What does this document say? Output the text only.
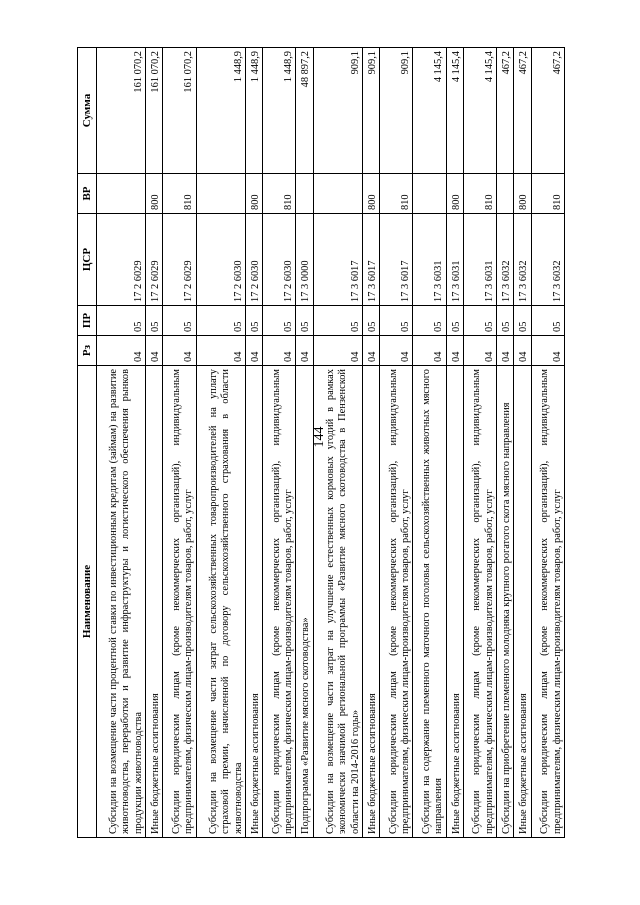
144
Наименование	Рз	ПР	ЦСР	ВР	Сумма
Субсидии на возмещение части процентной ставки по инвестиционным кредитам (займам) на развитие животноводства, переработки и развитие инфраструктуры и логистического обеспечения рынков продукции животноводства	04	05	17 2 6029		161 070,2
Иные бюджетные ассигнования	04	05	17 2 6029	800	161 070,2
Субсидии юридическим лицам (кроме некоммерческих организаций), индивидуальным предпринимателям, физическим лицам-производителям товаров, работ, услуг	04	05	17 2 6029	810	161 070,2
Субсидии на возмещение части затрат сельскохозяйственных товаропроизводителей на уплату страховой премии, начисленной по договору сельскохозяйственного страхования в области животноводства	04	05	17 2 6030		1 448,9
Иные бюджетные ассигнования	04	05	17 2 6030	800	1 448,9
Субсидии юридическим лицам (кроме некоммерческих организаций), индивидуальным предпринимателям, физическим лицам-производителям товаров, работ, услуг	04	05	17 2 6030	810	1 448,9
Подпрограмма «Развитие мясного скотоводства»	04	05	17 3 0000		48 897,2
Субсидии на возмещение части затрат на улучшение естественных кормовых угодий в рамках экономически значимой региональной программы «Развитие мясного скотоводства в Пензенской области на 2014-2016 годы»	04	05	17 3 6017		909,1
Иные бюджетные ассигнования	04	05	17 3 6017	800	909,1
Субсидии юридическим лицам (кроме некоммерческих организаций), индивидуальным предпринимателям, физическим лицам-производителям товаров, работ, услуг	04	05	17 3 6017	810	909,1
Субсидии на содержание племенного маточного поголовья сельскохозяйственных животных мясного направления	04	05	17 3 6031		4 145,4
Иные бюджетные ассигнования	04	05	17 3 6031	800	4 145,4
Субсидии юридическим лицам (кроме некоммерческих организаций), индивидуальным предпринимателям, физическим лицам-производителям товаров, работ, услуг	04	05	17 3 6031	810	4 145,4
Субсидии на приобретение племенного молодняка крупного рогатого скота мясного направления	04	05	17 3 6032		467,2
Иные бюджетные ассигнования	04	05	17 3 6032	800	467,2
Субсидии юридическим лицам (кроме некоммерческих организаций), индивидуальным предпринимателям, физическим лицам-производителям товаров, работ, услуг	04	05	17 3 6032	810	467,2
